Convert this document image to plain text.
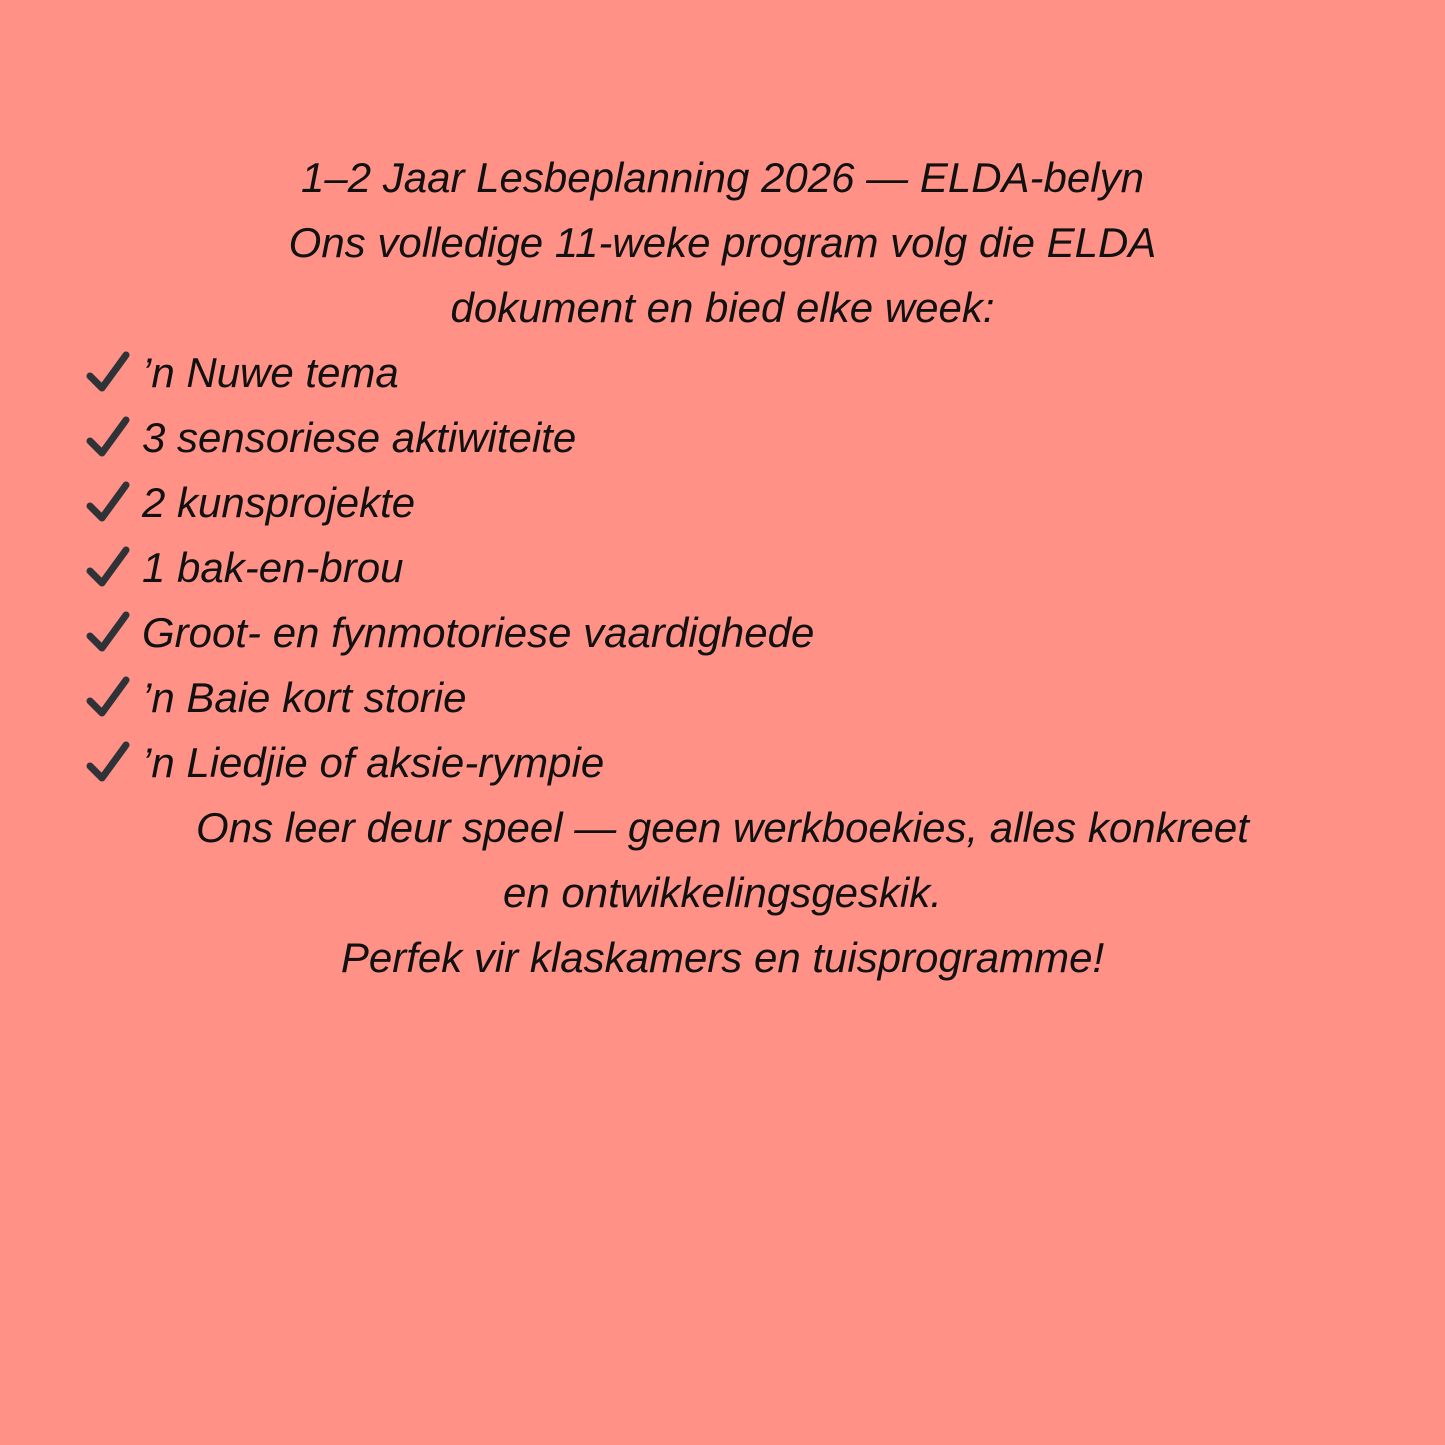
1–2 Jaar Lesbeplanning 2026 — ELDA-belyn
Ons volledige 11-weke program volg die ELDA
dokument en bied elke week:
’n Nuwe tema
3 sensoriese aktiwiteite
2 kunsprojekte
1 bak-en-brou
Groot- en fynmotoriese vaardighede
’n Baie kort storie
’n Liedjie of aksie-rympie
Ons leer deur speel — geen werkboekies, alles konkreet
en ontwikkelingsgeskik.
Perfek vir klaskamers en tuisprogramme!
